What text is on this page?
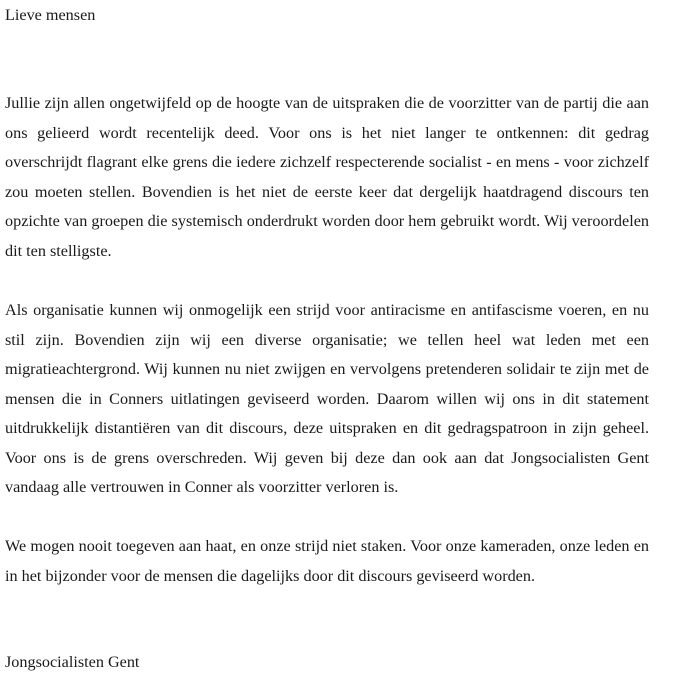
Lieve mensen

Jullie zijn allen ongetwijfeld op de hoogte van de uitspraken die de voorzitter van de partij die aan ons gelieerd wordt recentelijk deed. Voor ons is het niet langer te ontkennen: dit gedrag overschrijdt flagrant elke grens die iedere zichzelf respecterende socialist - en mens - voor zichzelf zou moeten stellen. Bovendien is het niet de eerste keer dat dergelijk haatdragend discours ten opzichte van groepen die systemisch onderdrukt worden door hem gebruikt wordt. Wij veroordelen dit ten stelligste.

Als organisatie kunnen wij onmogelijk een strijd voor antiracisme en antifascisme voeren, en nu stil zijn. Bovendien zijn wij een diverse organisatie; we tellen heel wat leden met een migratieachtergrond. Wij kunnen nu niet zwijgen en vervolgens pretenderen solidair te zijn met de mensen die in Conners uitlatingen geviseerd worden. Daarom willen wij ons in dit statement uitdrukkelijk distantiëren van dit discours, deze uitspraken en dit gedragspatroon in zijn geheel. Voor ons is de grens overschreden. Wij geven bij deze dan ook aan dat Jongsocialisten Gent vandaag alle vertrouwen in Conner als voorzitter verloren is.

We mogen nooit toegeven aan haat, en onze strijd niet staken. Voor onze kameraden, onze leden en in het bijzonder voor de mensen die dagelijks door dit discours geviseerd worden.

Jongsocialisten Gent
